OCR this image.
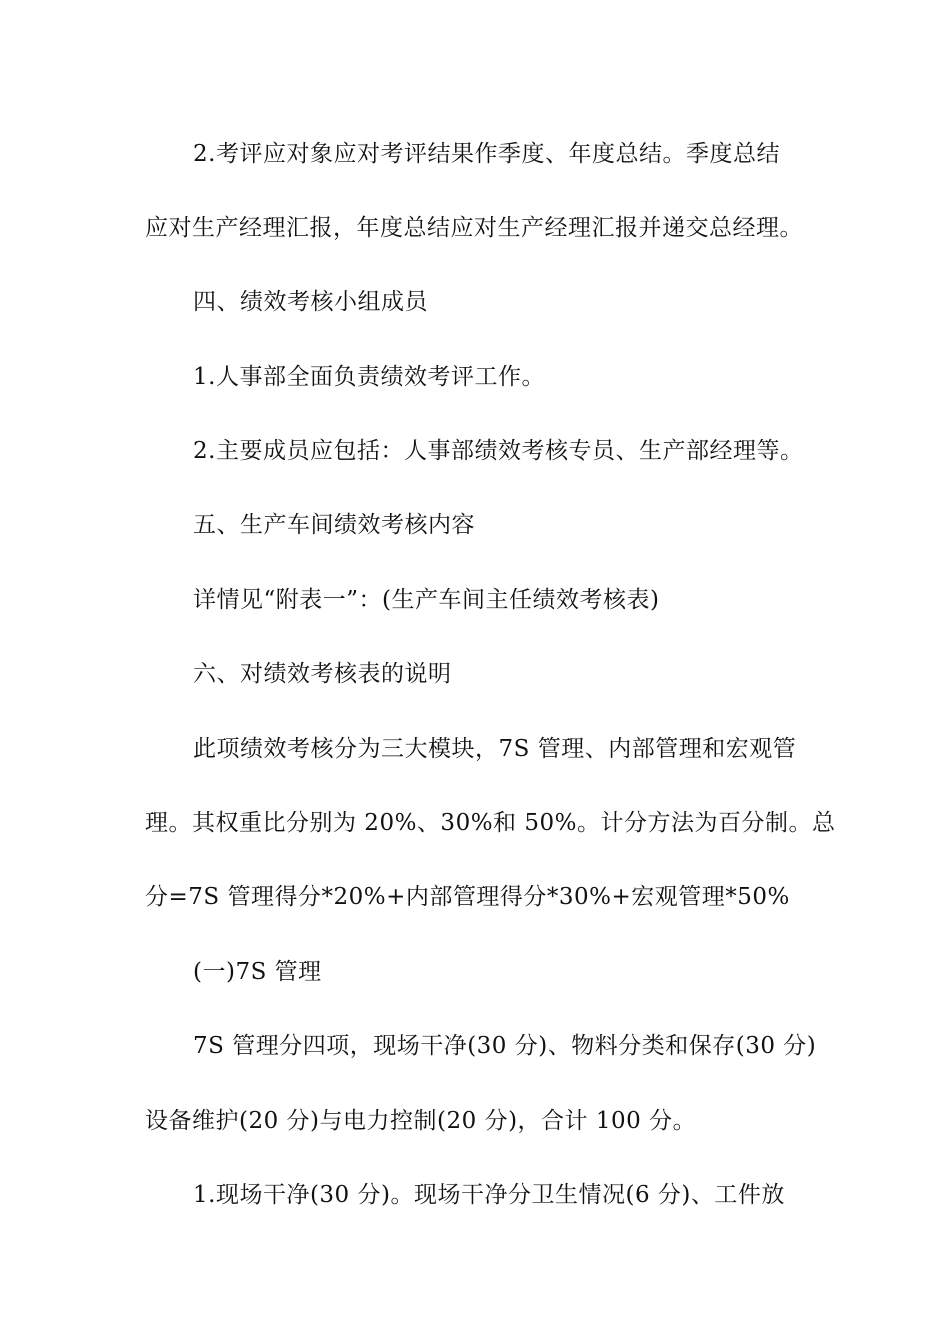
2.考评应对象应对考评结果作季度、年度总结。季度总结
应对生产经理汇报，年度总结应对生产经理汇报并递交总经理。
四、绩效考核小组成员
1.人事部全面负责绩效考评工作。
2.主要成员应包括：人事部绩效考核专员、生产部经理等。
五、生产车间绩效考核内容
详情见“附表一”：(生产车间主任绩效考核表)
六、对绩效考核表的说明
此项绩效考核分为三大模块，7S 管理、内部管理和宏观管
理。其权重比分别为 20%、30%和 50%。计分方法为百分制。总
分=7S 管理得分*20%+内部管理得分*30%+宏观管理*50%
(一)7S 管理
7S 管理分四项，现场干净(30 分)、物料分类和保存(30 分)
设备维护(20 分)与电力控制(20 分)，合计 100 分。
1.现场干净(30 分)。现场干净分卫生情况(6 分)、工件放
